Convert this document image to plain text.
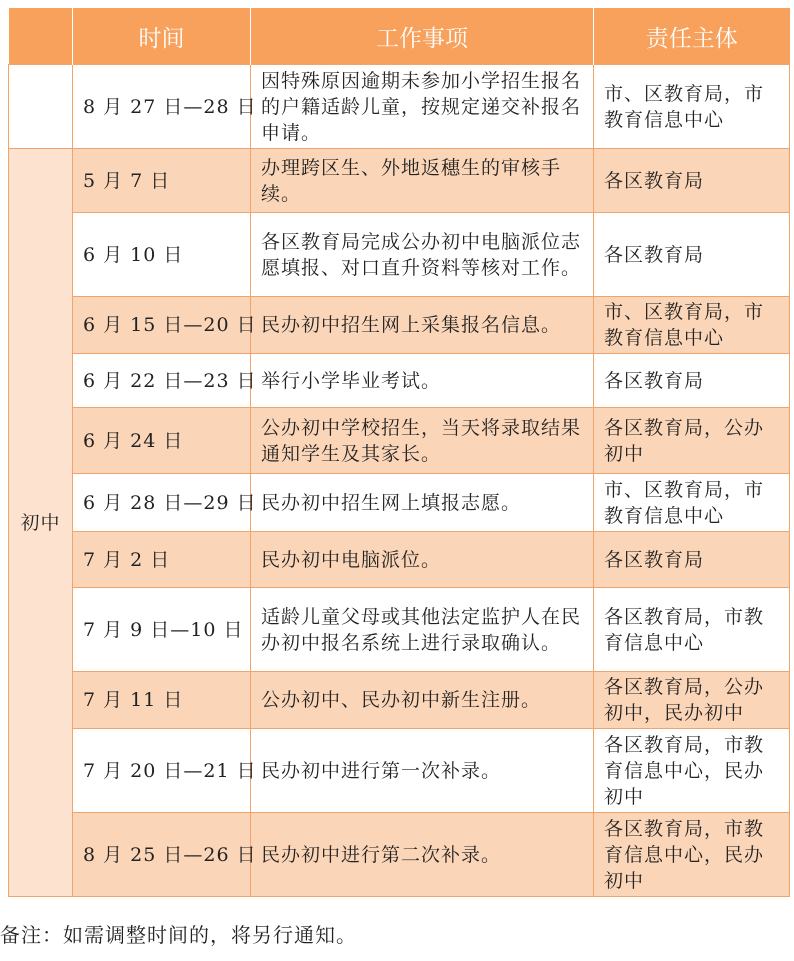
	时间	工作事项	责任主体
	8 月 27 日—28 日	因特殊原因逾期未参加小学招生报名的户籍适龄儿童，按规定递交补报名申请。	市、区教育局，市教育信息中心
初中	5 月 7 日	办理跨区生、外地返穗生的审核手续。	各区教育局
	6 月 10 日	各区教育局完成公办初中电脑派位志愿填报、对口直升资料等核对工作。	各区教育局
	6 月 15 日—20 日	民办初中招生网上采集报名信息。	市、区教育局，市教育信息中心
	6 月 22 日—23 日	举行小学毕业考试。	各区教育局
	6 月 24 日	公办初中学校招生，当天将录取结果通知学生及其家长。	各区教育局，公办初中
	6 月 28 日—29 日	民办初中招生网上填报志愿。	市、区教育局，市教育信息中心
	7 月 2 日	民办初中电脑派位。	各区教育局
	7 月 9 日—10 日	适龄儿童父母或其他法定监护人在民办初中报名系统上进行录取确认。	各区教育局，市教育信息中心
	7 月 11 日	公办初中、民办初中新生注册。	各区教育局，公办初中，民办初中
	7 月 20 日—21 日	民办初中进行第一次补录。	各区教育局，市教育信息中心，民办初中
	8 月 25 日—26 日	民办初中进行第二次补录。	各区教育局，市教育信息中心，民办初中
备注：如需调整时间的，将另行通知。
